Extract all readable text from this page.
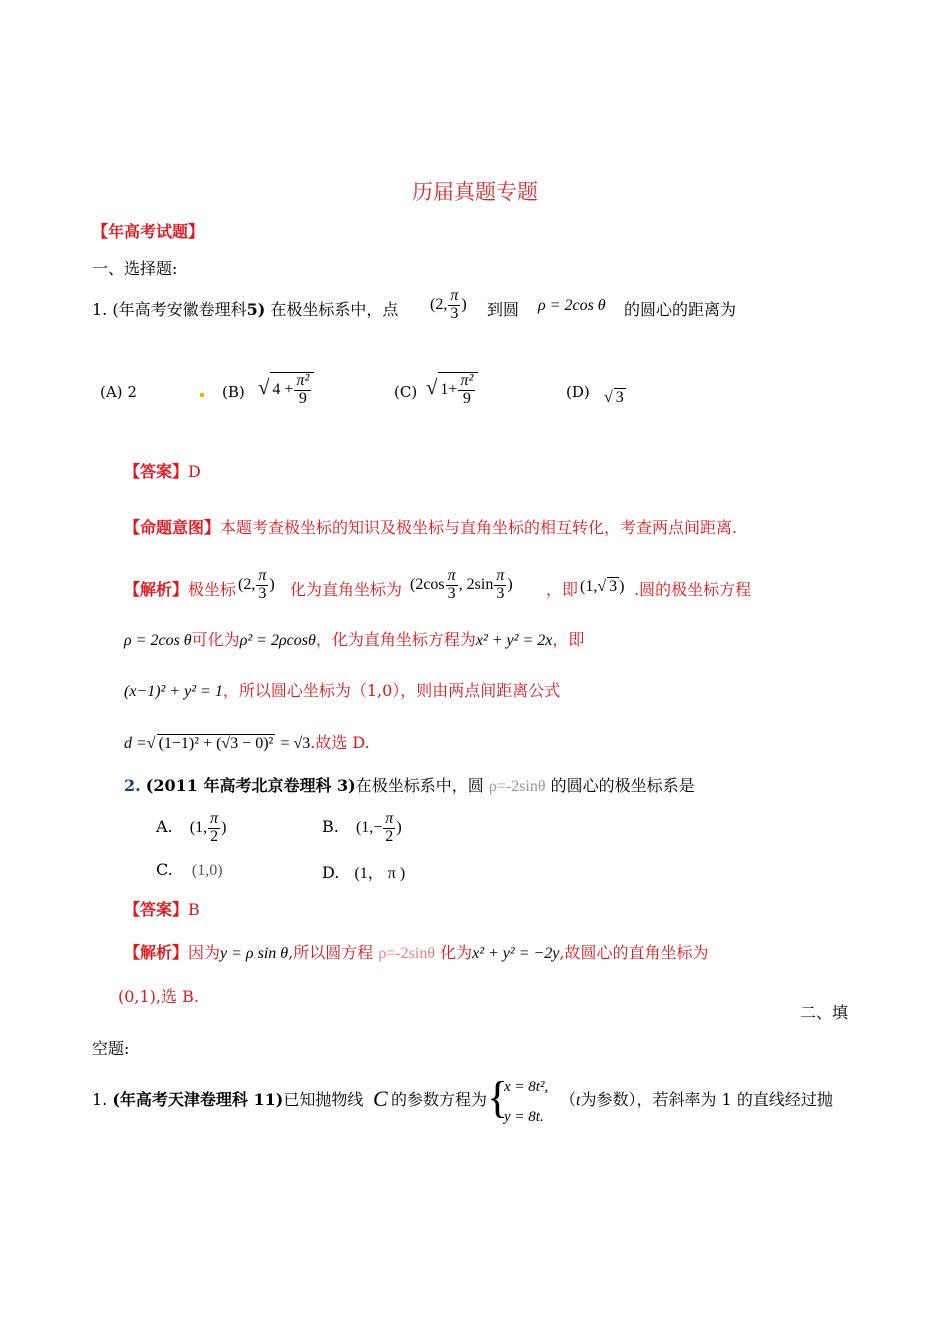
历届真题专题
【年高考试题】
一、选择题:
1. (年高考安徽卷理科5) 在极坐标系中，点 (2, $\frac{\pi}{3}$ ) 到圆 ρ = 2cos θ 的圆心的距离为
(A) 2	(B) √ $4 + \frac{\text{π²}}{9}$	(C) √ $1+ \frac{\text{π²}}{9}$	(D) √ 3
【答案】D
【命题意图】本题考查极坐标的知识及极坐标与直角坐标的相互转化，考查两点间距离.
【解析】极坐标 (2, $\frac{\pi}{3}$ ) 化为直角坐标为 ($2\cos \frac{\pi}{3}$ , $2\sin \frac{\pi}{3}$ ) ，即 (1,√ 3 ) .圆的极坐标方程
ρ = 2cos θ可化为ρ² = 2ρcosθ，化为直角坐标方程为x² + y² = 2x，即
(x−1)² + y² = 1，所以圆心坐标为（1,0），则由两点间距离公式
d =√ (1−1)² + (√3 − 0)² = √3.故选 D.
2. (2011 年高考北京卷理科 3)在极坐标系中，圆 ρ=-2sinθ 的圆心的极坐标系是
A. (1, $\frac{\pi}{2}$ )	B. ($1,- \frac{\pi}{2}$ )
C. (1,0)	D. (1， π )
【答案】B
【解析】因为y = ρ sin θ,所以圆方程 ρ=-2sinθ 化为x² + y² = −2y,故圆心的直角坐标为
(0,1),选 B.
二、填
空题:
1. (年高考天津卷理科 11)已知抛物线 C 的参数方程为 {
x = 8t²,
y = 8t.
（t为参数），若斜率为 1 的直线经过抛
